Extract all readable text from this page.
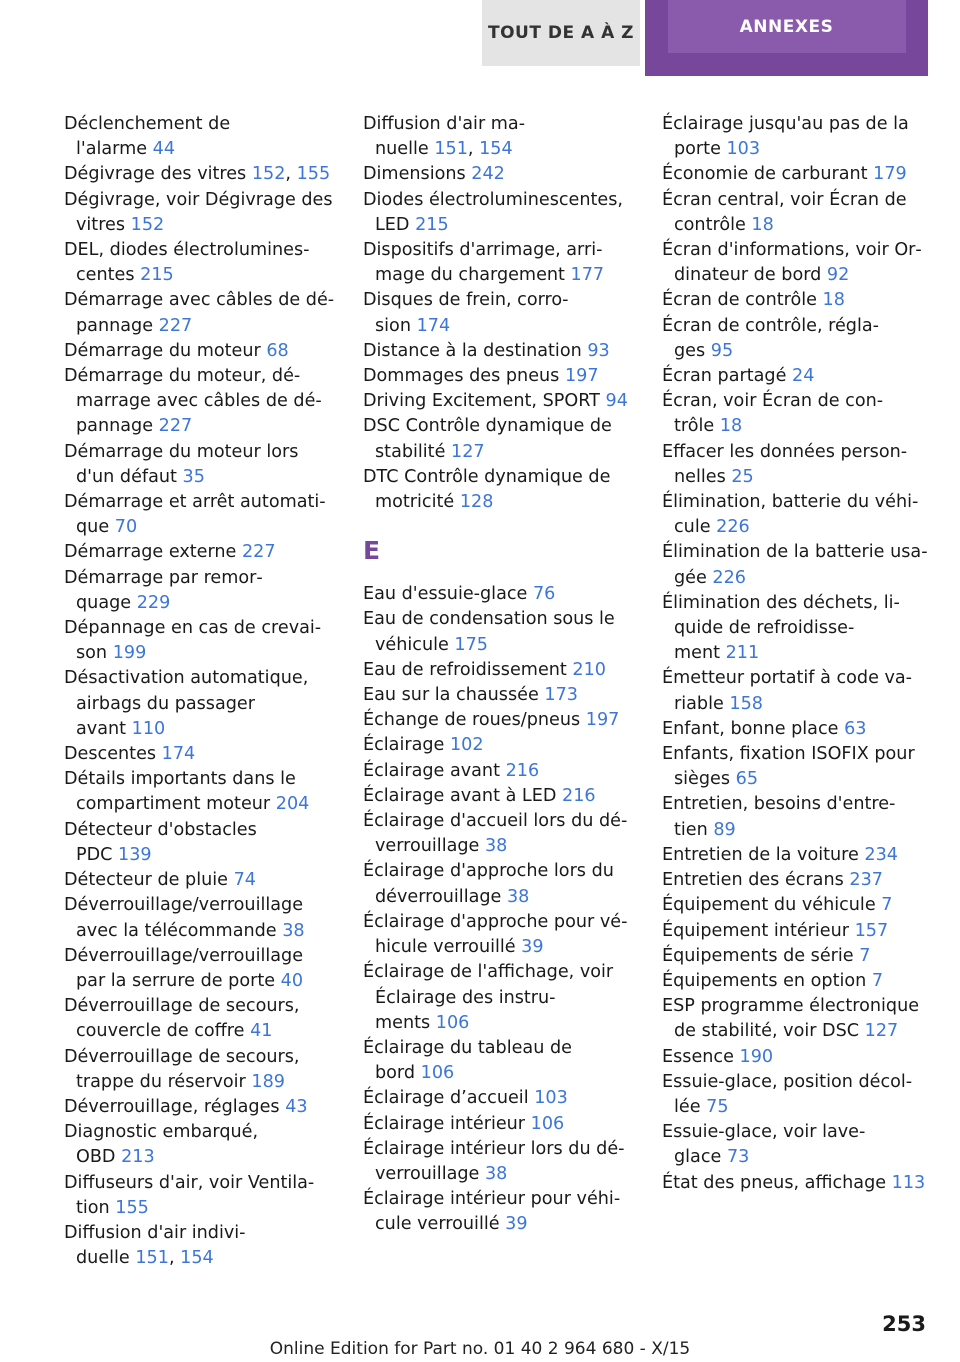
TOUT DE A À Z	ANNEXES
Déclenchement de
l'alarme 44
Dégivrage des vitres 152, 155
Dégivrage, voir Dégivrage des
vitres 152
DEL, diodes électrolumines‐
centes 215
Démarrage avec câbles de dé‐
pannage 227
Démarrage du moteur 68
Démarrage du moteur, dé‐
marrage avec câbles de dé‐
pannage 227
Démarrage du moteur lors
d'un défaut 35
Démarrage et arrêt automati‐
que 70
Démarrage externe 227
Démarrage par remor‐
quage 229
Dépannage en cas de crevai‐
son 199
Désactivation automatique,
airbags du passager
avant 110
Descentes 174
Détails importants dans le
compartiment moteur 204
Détecteur d'obstacles
PDC 139
Détecteur de pluie 74
Déverrouillage/verrouillage
avec la télécommande 38
Déverrouillage/verrouillage
par la serrure de porte 40
Déverrouillage de secours,
couvercle de coffre 41
Déverrouillage de secours,
trappe du réservoir 189
Déverrouillage, réglages 43
Diagnostic embarqué,
OBD 213
Diffuseurs d'air, voir Ventila‐
tion 155
Diffusion d'air indivi‐
duelle 151, 154
Diffusion d'air ma‐
nuelle 151, 154
Dimensions 242
Diodes électroluminescentes,
LED 215
Dispositifs d'arrimage, arri‐
mage du chargement 177
Disques de frein, corro‐
sion 174
Distance à la destination 93
Dommages des pneus 197
Driving Excitement, SPORT 94
DSC Contrôle dynamique de
stabilité 127
DTC Contrôle dynamique de
motricité 128
E
Eau d'essuie-glace 76
Eau de condensation sous le
véhicule 175
Eau de refroidissement 210
Eau sur la chaussée 173
Échange de roues/pneus 197
Éclairage 102
Éclairage avant 216
Éclairage avant à LED 216
Éclairage d'accueil lors du dé‐
verrouillage 38
Éclairage d'approche lors du
déverrouillage 38
Éclairage d'approche pour vé‐
hicule verrouillé 39
Éclairage de l'affichage, voir
Éclairage des instru‐
ments 106
Éclairage du tableau de
bord 106
Éclairage d’accueil 103
Éclairage intérieur 106
Éclairage intérieur lors du dé‐
verrouillage 38
Éclairage intérieur pour véhi‐
cule verrouillé 39
Éclairage jusqu'au pas de la
porte 103
Économie de carburant 179
Écran central, voir Écran de
contrôle 18
Écran d'informations, voir Or‐
dinateur de bord 92
Écran de contrôle 18
Écran de contrôle, régla‐
ges 95
Écran partagé 24
Écran, voir Écran de con‐
trôle 18
Effacer les données person‐
nelles 25
Élimination, batterie du véhi‐
cule 226
Élimination de la batterie usa‐
gée 226
Élimination des déchets, li‐
quide de refroidisse‐
ment 211
Émetteur portatif à code va‐
riable 158
Enfant, bonne place 63
Enfants, fixation ISOFIX pour
sièges 65
Entretien, besoins d'entre‐
tien 89
Entretien de la voiture 234
Entretien des écrans 237
Équipement du véhicule 7
Équipement intérieur 157
Équipements de série 7
Équipements en option 7
ESP programme électronique
de stabilité, voir DSC 127
Essence 190
Essuie-glace, position décol‐
lée 75
Essuie-glace, voir lave-
glace 73
État des pneus, affichage 113
253
Online Edition for Part no. 01 40 2 964 680 - X/15
